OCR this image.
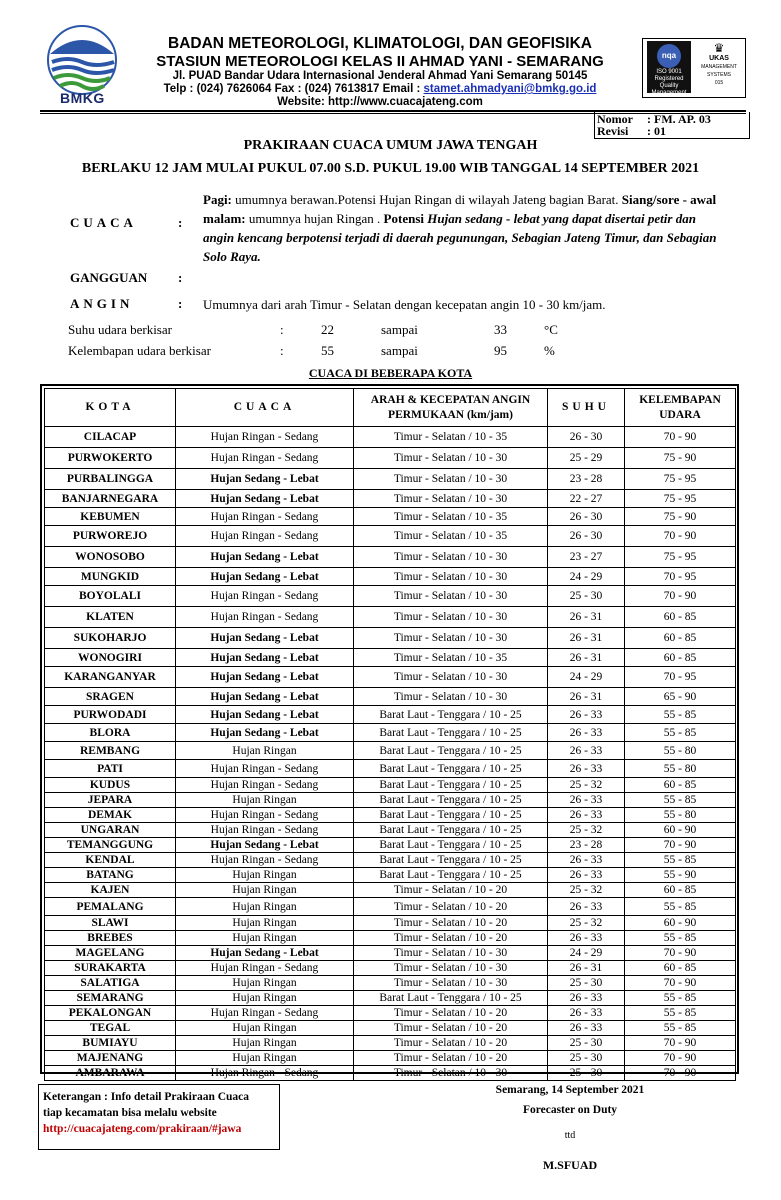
BMKG
BADAN METEOROLOGI, KLIMATOLOGI, DAN GEOFISIKA
STASIUN METEOROLOGI KELAS II AHMAD YANI - SEMARANG
Jl. PUAD Bandar Udara Internasional Jenderal Ahmad Yani Semarang 50145
Telp : (024) 7626064 Fax : (024) 7613817 Email : stamet.ahmadyani@bmkg.go.id
Website: http://www.cuacajateng.com
nqa
ISO 9001
Registered
Quality Management
♛
UKAS
MANAGEMENT SYSTEMS
015
Nomor	: FM. AP. 03
Revisi	: 01
PRAKIRAAN CUACA UMUM JAWA TENGAH
BERLAKU 12 JAM MULAI PUKUL 07.00 S.D. PUKUL 19.00 WIB TANGGAL 14 SEPTEMBER 2021
CUACA	:
Pagi: umumnya berawan.Potensi Hujan Ringan di wilayah Jateng bagian Barat. Siang/sore - awal malam: umumnya hujan Ringan . Potensi Hujan sedang - lebat yang dapat disertai petir dan angin kencang berpotensi terjadi di daerah pegunungan, Sebagian Jateng Timur, dan Sebagian Solo Raya.
GANGGUAN :
ANGIN	: Umumnya dari arah Timur - Selatan dengan kecepatan angin 10 - 30 km/jam.
Suhu udara berkisar	:	22	sampai	33	°C
Kelembapan udara berkisar	:	55	sampai	95	%
CUACA DI BEBERAPA KOTA
KOTA	CUACA	ARAH & KECEPATAN ANGIN PERMUKAAN (km/jam)	SUHU	KELEMBAPAN UDARA
CILACAP	Hujan Ringan - Sedang	Timur - Selatan / 10 - 35	26 - 30	70 - 90
PURWOKERTO	Hujan Ringan - Sedang	Timur - Selatan / 10 - 30	25 - 29	75 - 90
PURBALINGGA	Hujan Sedang - Lebat	Timur - Selatan / 10 - 30	23 - 28	75 - 95
BANJARNEGARA	Hujan Sedang - Lebat	Timur - Selatan / 10 - 30	22 - 27	75 - 95
KEBUMEN	Hujan Ringan - Sedang	Timur - Selatan / 10 - 35	26 - 30	75 - 90
PURWOREJO	Hujan Ringan - Sedang	Timur - Selatan / 10 - 35	26 - 30	70 - 90
WONOSOBO	Hujan Sedang - Lebat	Timur - Selatan / 10 - 30	23 - 27	75 - 95
MUNGKID	Hujan Sedang - Lebat	Timur - Selatan / 10 - 30	24 - 29	70 - 95
BOYOLALI	Hujan Ringan - Sedang	Timur - Selatan / 10 - 30	25 - 30	70 - 90
KLATEN	Hujan Ringan - Sedang	Timur - Selatan / 10 - 30	26 - 31	60 - 85
SUKOHARJO	Hujan Sedang - Lebat	Timur - Selatan / 10 - 30	26 - 31	60 - 85
WONOGIRI	Hujan Sedang - Lebat	Timur - Selatan / 10 - 35	26 - 31	60 - 85
KARANGANYAR	Hujan Sedang - Lebat	Timur - Selatan / 10 - 30	24 - 29	70 - 95
SRAGEN	Hujan Sedang - Lebat	Timur - Selatan / 10 - 30	26 - 31	65 - 90
PURWODADI	Hujan Sedang - Lebat	Barat Laut - Tenggara / 10 - 25	26 - 33	55 - 85
BLORA	Hujan Sedang - Lebat	Barat Laut - Tenggara / 10 - 25	26 - 33	55 - 85
REMBANG	Hujan Ringan	Barat Laut - Tenggara / 10 - 25	26 - 33	55 - 80
PATI	Hujan Ringan - Sedang	Barat Laut - Tenggara / 10 - 25	26 - 33	55 - 80
KUDUS	Hujan Ringan - Sedang	Barat Laut - Tenggara / 10 - 25	25 - 32	60 - 85
JEPARA	Hujan Ringan	Barat Laut - Tenggara / 10 - 25	26 - 33	55 - 85
DEMAK	Hujan Ringan - Sedang	Barat Laut - Tenggara / 10 - 25	26 - 33	55 - 80
UNGARAN	Hujan Ringan - Sedang	Barat Laut - Tenggara / 10 - 25	25 - 32	60 - 90
TEMANGGUNG	Hujan Sedang - Lebat	Barat Laut - Tenggara / 10 - 25	23 - 28	70 - 90
KENDAL	Hujan Ringan - Sedang	Barat Laut - Tenggara / 10 - 25	26 - 33	55 - 85
BATANG	Hujan Ringan	Barat Laut - Tenggara / 10 - 25	26 - 33	55 - 90
KAJEN	Hujan Ringan	Timur - Selatan / 10 - 20	25 - 32	60 - 85
PEMALANG	Hujan Ringan	Timur - Selatan / 10 - 20	26 - 33	55 - 85
SLAWI	Hujan Ringan	Timur - Selatan / 10 - 20	25 - 32	60 - 90
BREBES	Hujan Ringan	Timur - Selatan / 10 - 20	26 - 33	55 - 85
MAGELANG	Hujan Sedang - Lebat	Timur - Selatan / 10 - 30	24 - 29	70 - 90
SURAKARTA	Hujan Ringan - Sedang	Timur - Selatan / 10 - 30	26 - 31	60 - 85
SALATIGA	Hujan Ringan	Timur - Selatan / 10 - 30	25 - 30	70 - 90
SEMARANG	Hujan Ringan	Barat Laut - Tenggara / 10 - 25	26 - 33	55 - 85
PEKALONGAN	Hujan Ringan - Sedang	Timur - Selatan / 10 - 20	26 - 33	55 - 85
TEGAL	Hujan Ringan	Timur - Selatan / 10 - 20	26 - 33	55 - 85
BUMIAYU	Hujan Ringan	Timur - Selatan / 10 - 20	25 - 30	70 - 90
MAJENANG	Hujan Ringan	Timur - Selatan / 10 - 20	25 - 30	70 - 90
AMBARAWA	Hujan Ringan - Sedang	Timur - Selatan / 10 - 30	25 - 30	70 - 90
Keterangan : Info detail Prakiraan Cuaca
tiap kecamatan bisa melalu website
http://cuacajateng.com/prakiraan/#jawa
Semarang, 14 September 2021
Forecaster on Duty
ttd
M.SFUAD
